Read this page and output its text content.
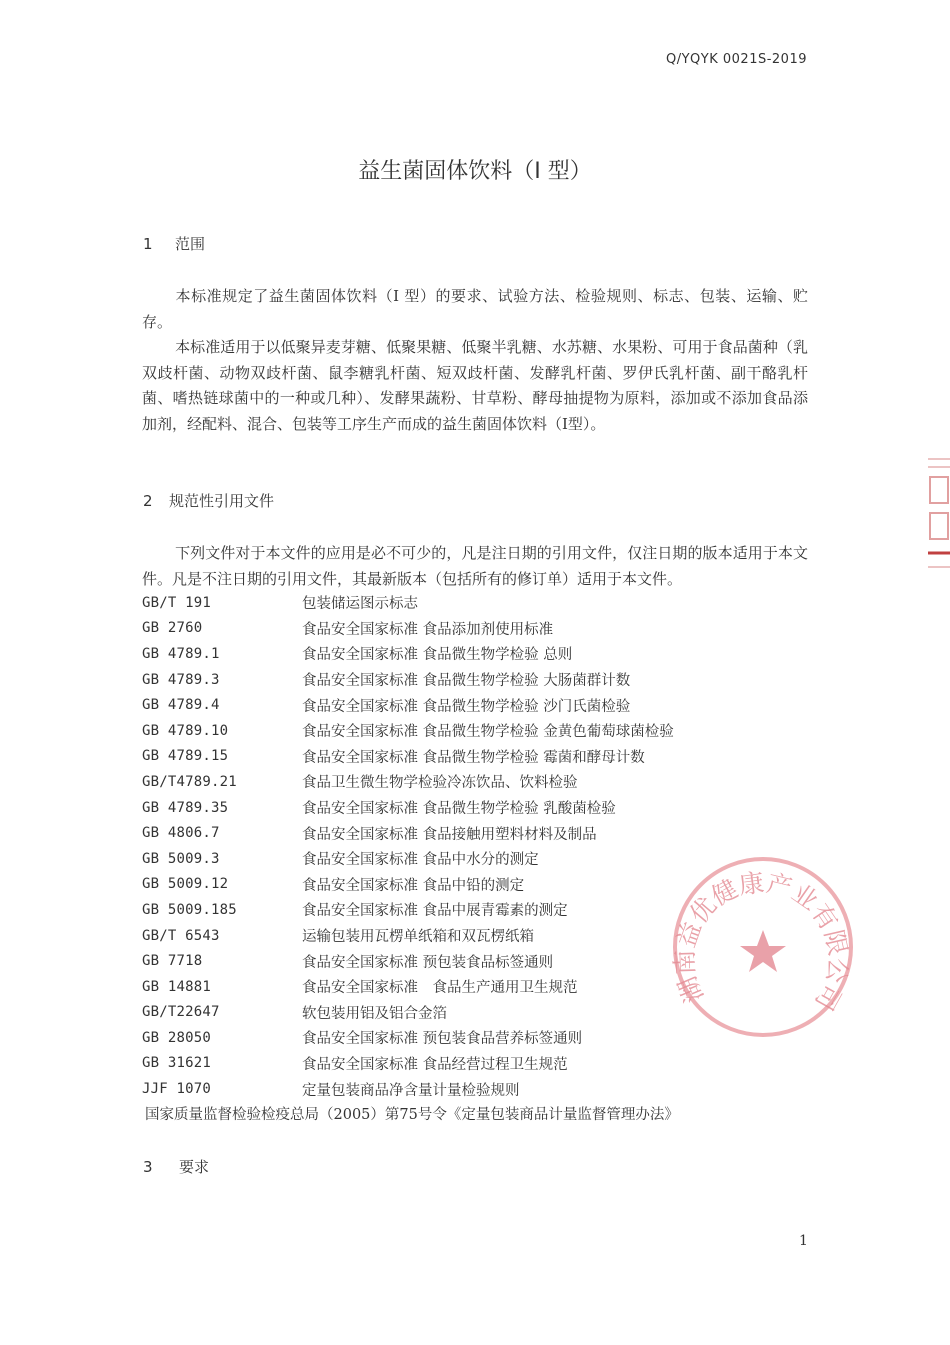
Q/YQYK 0021S-2019
益生菌固体饮料（I 型）
1 范围
本标准规定了益生菌固体饮料（I 型）的要求、试验方法、检验规则、标志、包装、运输、贮存。
本标准适用于以低聚异麦芽糖、低聚果糖、低聚半乳糖、水苏糖、水果粉、可用于食品菌种（乳双歧杆菌、动物双歧杆菌、鼠李糖乳杆菌、短双歧杆菌、发酵乳杆菌、罗伊氏乳杆菌、副干酪乳杆菌、嗜热链球菌中的一种或几种）、发酵果蔬粉、甘草粉、酵母抽提物为原料，添加或不添加食品添加剂，经配料、混合、包装等工序生产而成的益生菌固体饮料（I型）。
2 规范性引用文件
下列文件对于本文件的应用是必不可少的，凡是注日期的引用文件，仅注日期的版本适用于本文件。凡是不注日期的引用文件，其最新版本（包括所有的修订单）适用于本文件。
GB/T 191	包装储运图示标志
GB 2760	食品安全国家标准 食品添加剂使用标准
GB 4789.1	食品安全国家标准 食品微生物学检验 总则
GB 4789.3	食品安全国家标准 食品微生物学检验 大肠菌群计数
GB 4789.4	食品安全国家标准 食品微生物学检验 沙门氏菌检验
GB 4789.10	食品安全国家标准 食品微生物学检验 金黄色葡萄球菌检验
GB 4789.15	食品安全国家标准 食品微生物学检验 霉菌和酵母计数
GB/T4789.21	食品卫生微生物学检验冷冻饮品、饮料检验
GB 4789.35	食品安全国家标准 食品微生物学检验 乳酸菌检验
GB 4806.7	食品安全国家标准 食品接触用塑料材料及制品
GB 5009.3	食品安全国家标准 食品中水分的测定
GB 5009.12	食品安全国家标准 食品中铅的测定
GB 5009.185	食品安全国家标准 食品中展青霉素的测定
GB/T 6543	运输包装用瓦楞单纸箱和双瓦楞纸箱
GB 7718	食品安全国家标准 预包装食品标签通则
GB 14881	食品安全国家标准　食品生产通用卫生规范
GB/T22647	软包装用铝及铝合金箔
GB 28050	食品安全国家标准 预包装食品营养标签通则
GB 31621	食品安全国家标准 食品经营过程卫生规范
JJF 1070	定量包装商品净含量计量检验规则
国家质量监督检验检疫总局（2005）第75号令《定量包装商品计量监督管理办法》
3 要求
1
湖南益优健康产业有限公司
